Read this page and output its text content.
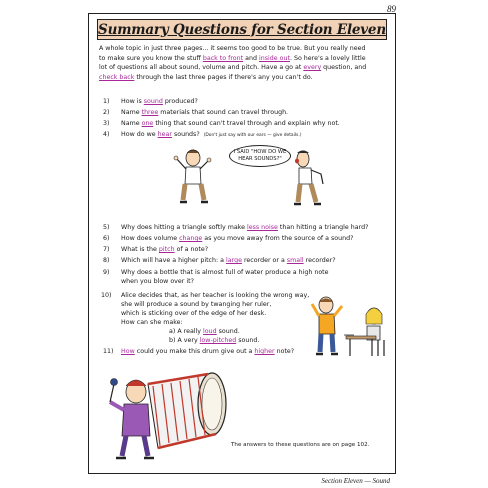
89
Summary Questions for Section Eleven
A whole topic in just three pages... it seems too good to be true. But you really need
to make sure you know the stuff back to front and inside out. So here's a lovely little
lot of questions all about sound, volume and pitch. Have a go at every question, and
check back through the last three pages if there's any you can't do.
1) How is sound produced?
2) Name three materials that sound can travel through.
3) Name one thing that sound can't travel through and explain why not.
4) How do we hear sounds? (Don't just say with our ears — give details.)
I SAID "HOW DO WE
HEAR SOUNDS?"
5) Why does hitting a triangle softly make less noise than hitting a triangle hard?
6) How does volume change as you move away from the source of a sound?
7) What is the pitch of a note?
8) Which will have a higher pitch: a large recorder or a small recorder?
9) Why does a bottle that is almost full of water produce a high note
when you blow over it?
10) Alice decides that, as her teacher is looking the wrong way,
she will produce a sound by twanging her ruler,
which is sticking over of the edge of her desk.
How can she make:
a) A really loud sound.
b) A very low-pitched sound.
11) How could you make this drum give out a higher note?
The answers to these questions are on page 102.
Section Eleven — Sound
